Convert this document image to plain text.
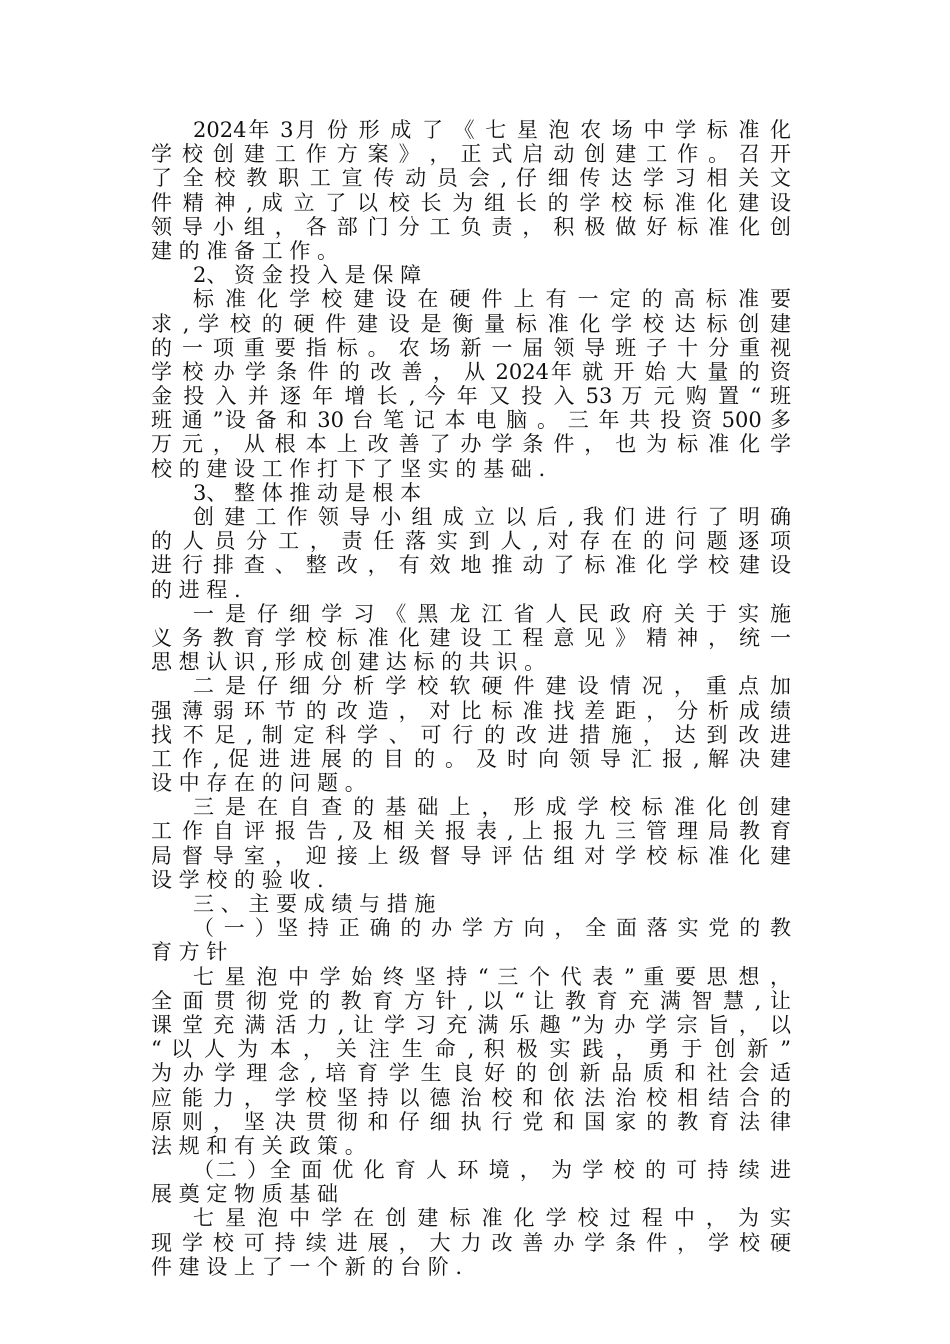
2024年 3月 份 形 成 了 《 七 星 泡 农 场 中 学 标 准 化
学 校 创 建 工 作 方 案 》 ， 正 式 启 动 创 建 工 作 。 召 开
了 全 校 教 职 工 宣 传 动 员 会 , 仔 细 传 达 学 习 相 关 文
件 精 神 , 成 立 了 以 校 长 为 组 长 的 学 校 标 准 化 建 设
领 导 小 组 ， 各 部 门 分 工 负 责 ， 积 极 做 好 标 准 化 创
建 的 准 备 工 作 。
2、 资 金 投 入 是 保 障
标 准 化 学 校 建 设 在 硬 件 上 有 一 定 的 高 标 准 要
求 , 学 校 的 硬 件 建 设 是 衡 量 标 准 化 学 校 达 标 创 建
的 一 项 重 要 指 标 。 农 场 新 一 届 领 导 班 子 十 分 重 视
学 校 办 学 条 件 的 改 善 ， 从 2024年 就 开 始 大 量 的 资
金 投 入 并 逐 年 增 长 , 今 年 又 投 入 53 万 元 购 置 “ 班
班 通 ”设 备 和 30 台 笔 记 本 电 脑 。 三 年 共 投 资 500 多
万 元 ， 从 根 本 上 改 善 了 办 学 条 件 ， 也 为 标 准 化 学
校 的 建 设 工 作 打 下 了 坚 实 的 基 础 .
3、 整 体 推 动 是 根 本
创 建 工 作 领 导 小 组 成 立 以 后 , 我 们 进 行 了 明 确
的 人 员 分 工 ， 责 任 落 实 到 人 , 对 存 在 的 问 题 逐 项
进 行 排 查 、 整 改 ， 有 效 地 推 动 了 标 准 化 学 校 建 设
的 进 程 .
一 是 仔 细 学 习 《 黑 龙 江 省 人 民 政 府 关 于 实 施
义 务 教 育 学 校 标 准 化 建 设 工 程 意 见 》 精 神 ， 统 一
思 想 认 识 , 形 成 创 建 达 标 的 共 识 。
二 是 仔 细 分 析 学 校 软 硬 件 建 设 情 况 ， 重 点 加
强 薄 弱 环 节 的 改 造 ， 对 比 标 准 找 差 距 ， 分 析 成 绩
找 不 足 , 制 定 科 学 、 可 行 的 改 进 措 施 ， 达 到 改 进
工 作 , 促 进 进 展 的 目 的 。 及 时 向 领 导 汇 报 , 解 决 建
设 中 存 在 的 问 题 。
三 是 在 自 查 的 基 础 上 ， 形 成 学 校 标 准 化 创 建
工 作 自 评 报 告 , 及 相 关 报 表 , 上 报 九 三 管 理 局 教 育
局 督 导 室 ， 迎 接 上 级 督 导 评 估 组 对 学 校 标 准 化 建
设 学 校 的 验 收 .
三 、 主 要 成 绩 与 措 施
（ 一 ）坚 持 正 确 的 办 学 方 向 ， 全 面 落 实 党 的 教
育 方 针
七 星 泡 中 学 始 终 坚 持 “ 三 个 代 表 ” 重 要 思 想 ，
全 面 贯 彻 党 的 教 育 方 针 , 以 “ 让 教 育 充 满 智 慧 , 让
课 堂 充 满 活 力 , 让 学 习 充 满 乐 趣 ”为 办 学 宗 旨 ， 以
“ 以 人 为 本 ， 关 注 生 命 , 积 极 实 践 ， 勇 于 创 新 ”
为 办 学 理 念 , 培 育 学 生 良 好 的 创 新 品 质 和 社 会 适
应 能 力 ， 学 校 坚 持 以 德 治 校 和 依 法 治 校 相 结 合 的
原 则 ， 坚 决 贯 彻 和 仔 细 执 行 党 和 国 家 的 教 育 法 律
法 规 和 有 关 政 策 。
（二 ）全 面 优 化 育 人 环 境 ， 为 学 校 的 可 持 续 进
展 奠 定 物 质 基 础
七 星 泡 中 学 在 创 建 标 准 化 学 校 过 程 中 ， 为 实
现 学 校 可 持 续 进 展 ， 大 力 改 善 办 学 条 件 ， 学 校 硬
件 建 设 上 了 一 个 新 的 台 阶 .
